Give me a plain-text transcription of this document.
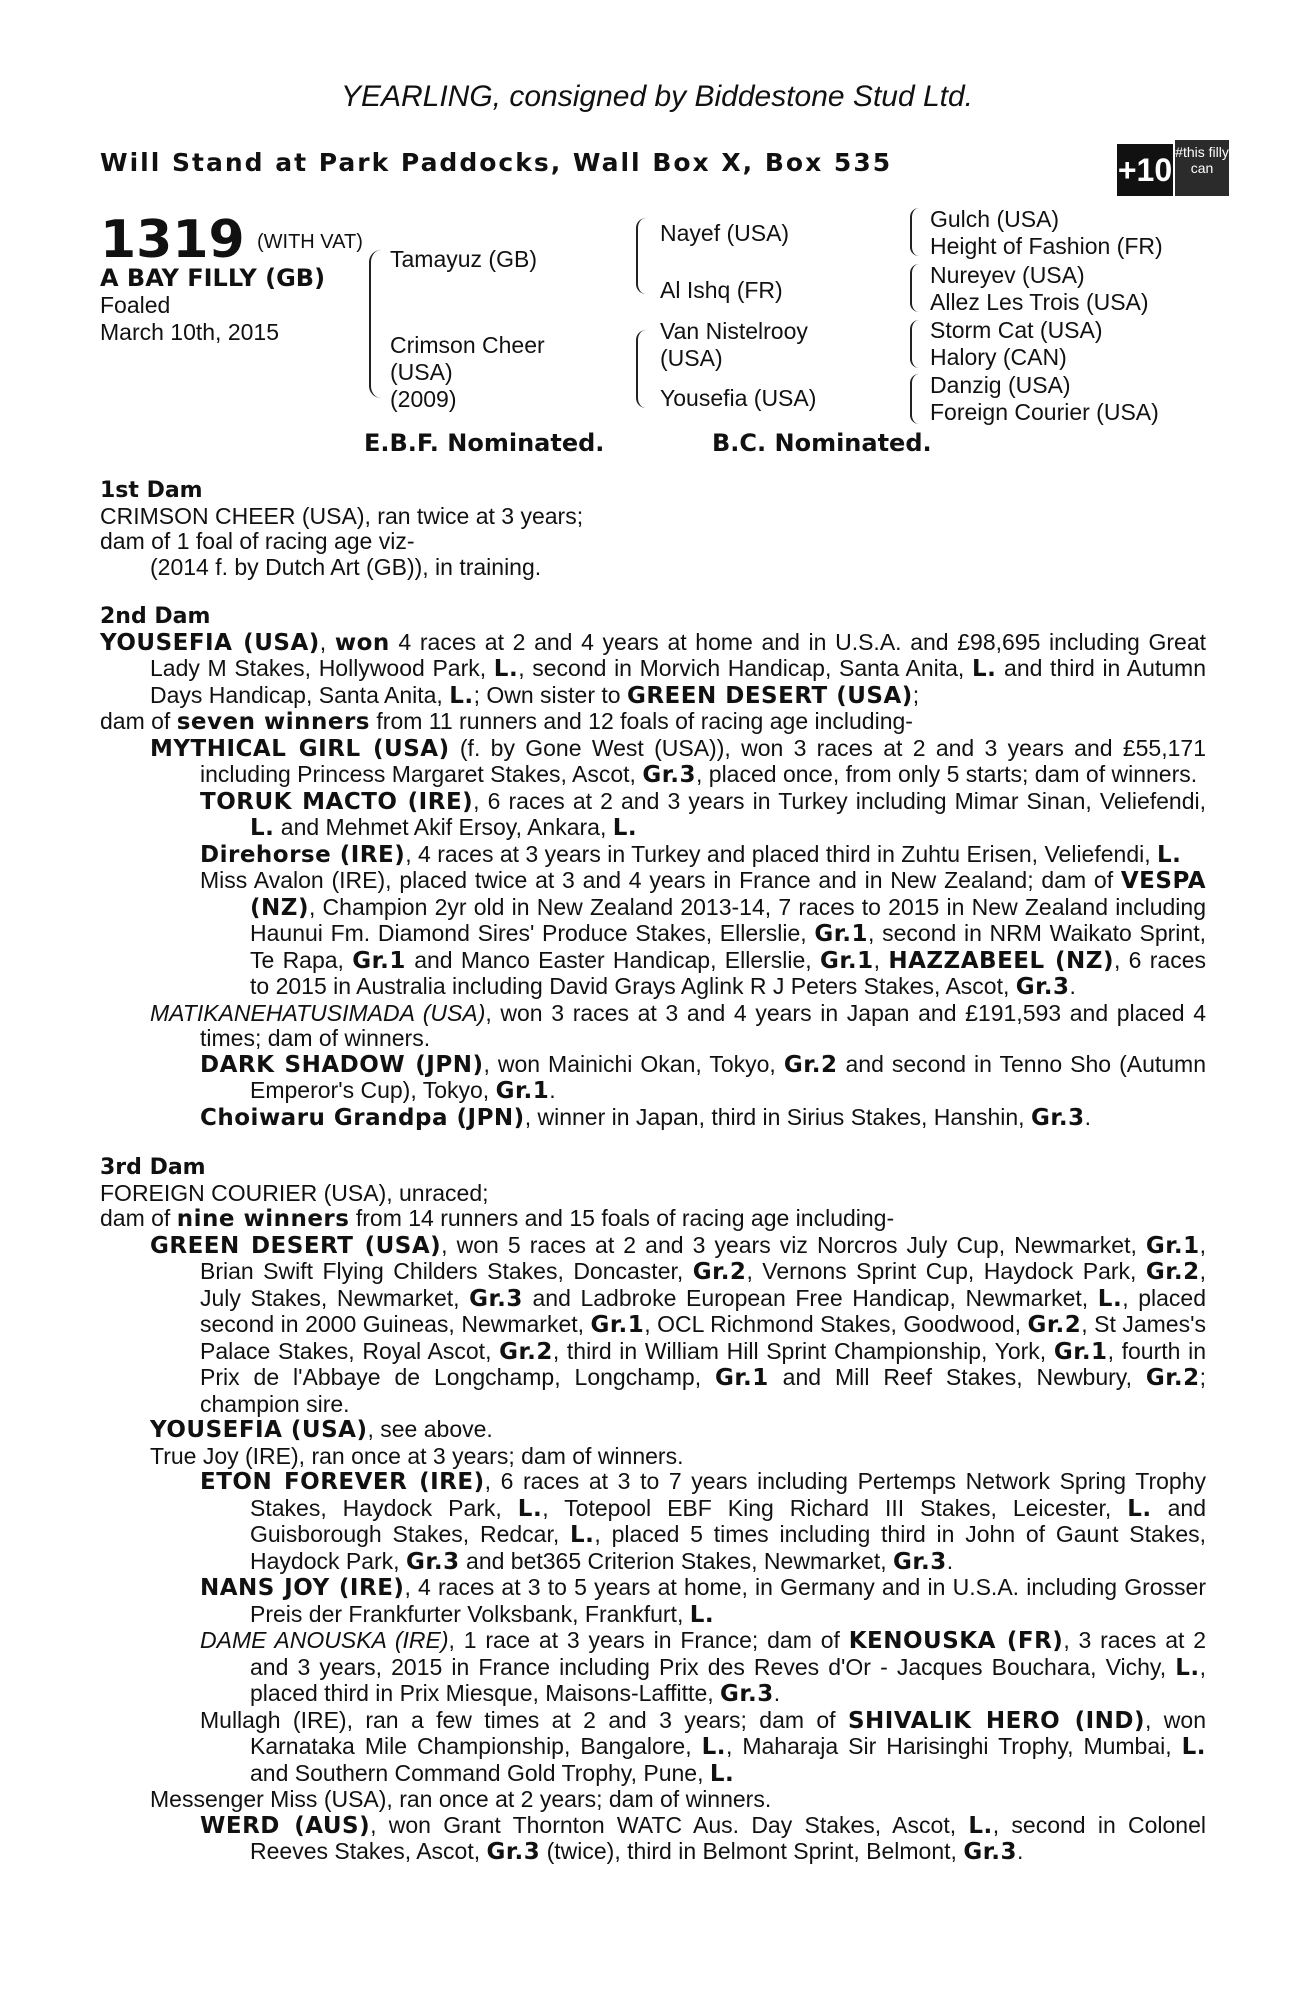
YEARLING, consigned by Biddestone Stud Ltd.
Will Stand at Park Paddocks, Wall Box X, Box 535	+10 #this filly can
1319 (WITH VAT)
A BAY FILLY (GB)
Foaled
March 10th, 2015
Tamayuz (GB)
Crimson Cheer
(USA)
(2009)
Nayef (USA)
Al Ishq (FR)
Van Nistelrooy
(USA)
Yousefia (USA)
Gulch (USA)
Height of Fashion (FR)
Nureyev (USA)
Allez Les Trois (USA)
Storm Cat (USA)
Halory (CAN)
Danzig (USA)
Foreign Courier (USA)
E.B.F. Nominated.	B.C. Nominated.

1st Dam

CRIMSON CHEER (USA), ran twice at 3 years;

dam of 1 foal of racing age viz-

(2014 f. by Dutch Art (GB)), in training.

2nd Dam

YOUSEFIA (USA), won 4 races at 2 and 4 years at home and in U.S.A. and £98,695 including Great Lady M Stakes, Hollywood Park, L., second in Morvich Handicap, Santa Anita, L. and third in Autumn Days Handicap, Santa Anita, L.; Own sister to GREEN DESERT (USA);

dam of seven winners from 11 runners and 12 foals of racing age including-

MYTHICAL GIRL (USA) (f. by Gone West (USA)), won 3 races at 2 and 3 years and £55,171 including Princess Margaret Stakes, Ascot, Gr.3, placed once, from only 5 starts; dam of winners.

TORUK MACTO (IRE), 6 races at 2 and 3 years in Turkey including Mimar Sinan, Veliefendi, L. and Mehmet Akif Ersoy, Ankara, L.

Direhorse (IRE), 4 races at 3 years in Turkey and placed third in Zuhtu Erisen, Veliefendi, L.

Miss Avalon (IRE), placed twice at 3 and 4 years in France and in New Zealand; dam of VESPA (NZ), Champion 2yr old in New Zealand 2013-14, 7 races to 2015 in New Zealand including Haunui Fm. Diamond Sires' Produce Stakes, Ellerslie, Gr.1, second in NRM Waikato Sprint, Te Rapa, Gr.1 and Manco Easter Handicap, Ellerslie, Gr.1, HAZZABEEL (NZ), 6 races to 2015 in Australia including David Grays Aglink R J Peters Stakes, Ascot, Gr.3.

MATIKANEHATUSIMADA (USA), won 3 races at 3 and 4 years in Japan and £191,593 and placed 4 times; dam of winners.

DARK SHADOW (JPN), won Mainichi Okan, Tokyo, Gr.2 and second in Tenno Sho (Autumn Emperor's Cup), Tokyo, Gr.1.

Choiwaru Grandpa (JPN), winner in Japan, third in Sirius Stakes, Hanshin, Gr.3.

3rd Dam

FOREIGN COURIER (USA), unraced;

dam of nine winners from 14 runners and 15 foals of racing age including-

GREEN DESERT (USA), won 5 races at 2 and 3 years viz Norcros July Cup, Newmarket, Gr.1, Brian Swift Flying Childers Stakes, Doncaster, Gr.2, Vernons Sprint Cup, Haydock Park, Gr.2, July Stakes, Newmarket, Gr.3 and Ladbroke European Free Handicap, Newmarket, L., placed second in 2000 Guineas, Newmarket, Gr.1, OCL Richmond Stakes, Goodwood, Gr.2, St James's Palace Stakes, Royal Ascot, Gr.2, third in William Hill Sprint Championship, York, Gr.1, fourth in Prix de l'Abbaye de Longchamp, Longchamp, Gr.1 and Mill Reef Stakes, Newbury, Gr.2; champion sire.

YOUSEFIA (USA), see above.

True Joy (IRE), ran once at 3 years; dam of winners.

ETON FOREVER (IRE), 6 races at 3 to 7 years including Pertemps Network Spring Trophy Stakes, Haydock Park, L., Totepool EBF King Richard III Stakes, Leicester, L. and Guisborough Stakes, Redcar, L., placed 5 times including third in John of Gaunt Stakes, Haydock Park, Gr.3 and bet365 Criterion Stakes, Newmarket, Gr.3.

NANS JOY (IRE), 4 races at 3 to 5 years at home, in Germany and in U.S.A. including Grosser Preis der Frankfurter Volksbank, Frankfurt, L.

DAME ANOUSKA (IRE), 1 race at 3 years in France; dam of KENOUSKA (FR), 3 races at 2 and 3 years, 2015 in France including Prix des Reves d'Or - Jacques Bouchara, Vichy, L., placed third in Prix Miesque, Maisons-Laffitte, Gr.3.

Mullagh (IRE), ran a few times at 2 and 3 years; dam of SHIVALIK HERO (IND), won Karnataka Mile Championship, Bangalore, L., Maharaja Sir Harisinghi Trophy, Mumbai, L. and Southern Command Gold Trophy, Pune, L.

Messenger Miss (USA), ran once at 2 years; dam of winners.

WERD (AUS), won Grant Thornton WATC Aus. Day Stakes, Ascot, L., second in Colonel Reeves Stakes, Ascot, Gr.3 (twice), third in Belmont Sprint, Belmont, Gr.3.
